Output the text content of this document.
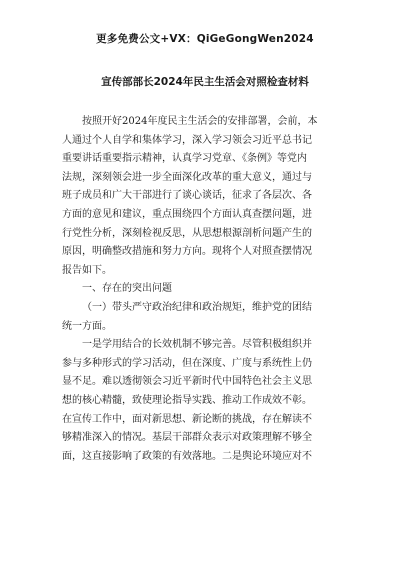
更多免费公文+VX：QiGeGongWen2024
宣传部部长2024年民主生活会对照检查材料
按照开好2024年度民主生活会的安排部署，会前，本
人通过个人自学和集体学习，深入学习领会习近平总书记
重要讲话重要指示精神，认真学习党章、《条例》等党内
法规，深刻领会进一步全面深化改革的重大意义，通过与
班子成员和广大干部进行了谈心谈话，征求了各层次、各
方面的意见和建议，重点围绕四个方面认真查摆问题，进
行党性分析，深刻检视反思，从思想根源剖析问题产生的
原因，明确整改措施和努力方向。现将个人对照查摆情况
报告如下。
一、存在的突出问题
（一）带头严守政治纪律和政治规矩，维护党的团结
统一方面。
一是学用结合的长效机制不够完善。尽管积极组织并
参与多种形式的学习活动，但在深度、广度与系统性上仍
显不足。难以透彻领会习近平新时代中国特色社会主义思
想的核心精髓，致使理论指导实践、推动工作成效不彰。
在宣传工作中，面对新思想、新论断的挑战，存在解读不
够精准深入的情况。基层干部群众表示对政策理解不够全
面，这直接影响了政策的有效落地。二是舆论环境应对不
